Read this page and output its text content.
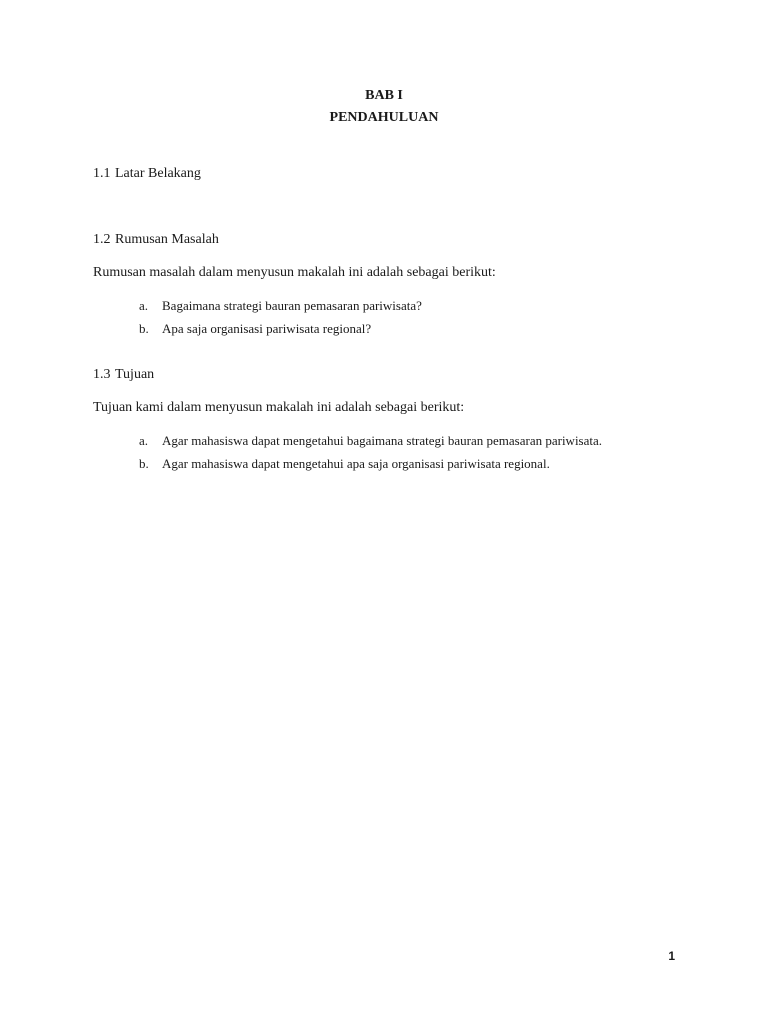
BAB I
PENDAHULUAN
1.1 Latar Belakang
1.2 Rumusan Masalah
Rumusan masalah dalam menyusun makalah ini adalah sebagai berikut:
a. Bagaimana strategi bauran pemasaran pariwisata?
b. Apa saja organisasi pariwisata regional?
1.3 Tujuan
Tujuan kami dalam menyusun makalah ini adalah sebagai berikut:
a. Agar mahasiswa dapat mengetahui bagaimana strategi bauran pemasaran pariwisata.
b. Agar mahasiswa dapat mengetahui apa saja organisasi pariwisata regional.
1
